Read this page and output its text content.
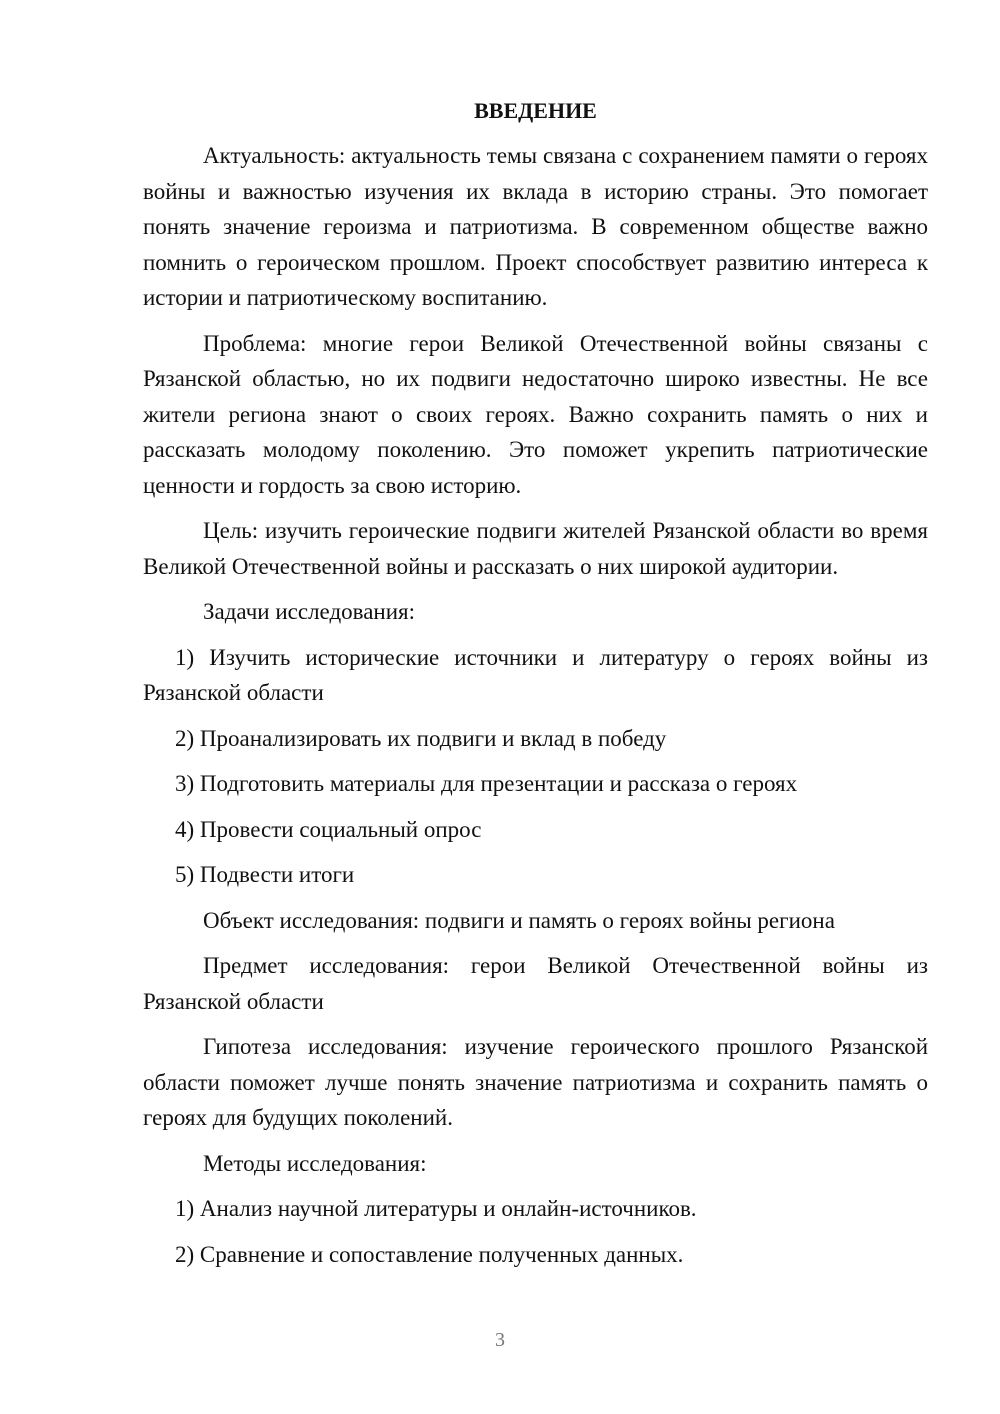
ВВЕДЕНИЕ

Актуальность: актуальность темы связана с сохранением памяти о героях войны и важностью изучения их вклада в историю страны. Это помогает понять значение героизма и патриотизма. В современном обществе важно помнить о героическом прошлом. Проект способствует развитию интереса к истории и патриотическому воспитанию.

Проблема: многие герои Великой Отечественной войны связаны с Рязанской областью, но их подвиги недостаточно широко известны. Не все жители региона знают о своих героях. Важно сохранить память о них и рассказать молодому поколению. Это поможет укрепить патриотические ценности и гордость за свою историю.

Цель: изучить героические подвиги жителей Рязанской области во время Великой Отечественной войны и рассказать о них широкой аудитории.

Задачи исследования:

1) Изучить исторические источники и литературу о героях войны из Рязанской области

2) Проанализировать их подвиги и вклад в победу

3) Подготовить материалы для презентации и рассказа о героях

4) Провести социальный опрос

5) Подвести итоги

Объект исследования: подвиги и память о героях войны региона

Предмет исследования: герои Великой Отечественной войны из Рязанской области

Гипотеза исследования: изучение героического прошлого Рязанской области поможет лучше понять значение патриотизма и сохранить память о героях для будущих поколений.

Методы исследования:

1) Анализ научной литературы и онлайн-источников.

2) Сравнение и сопоставление полученных данных.

3
